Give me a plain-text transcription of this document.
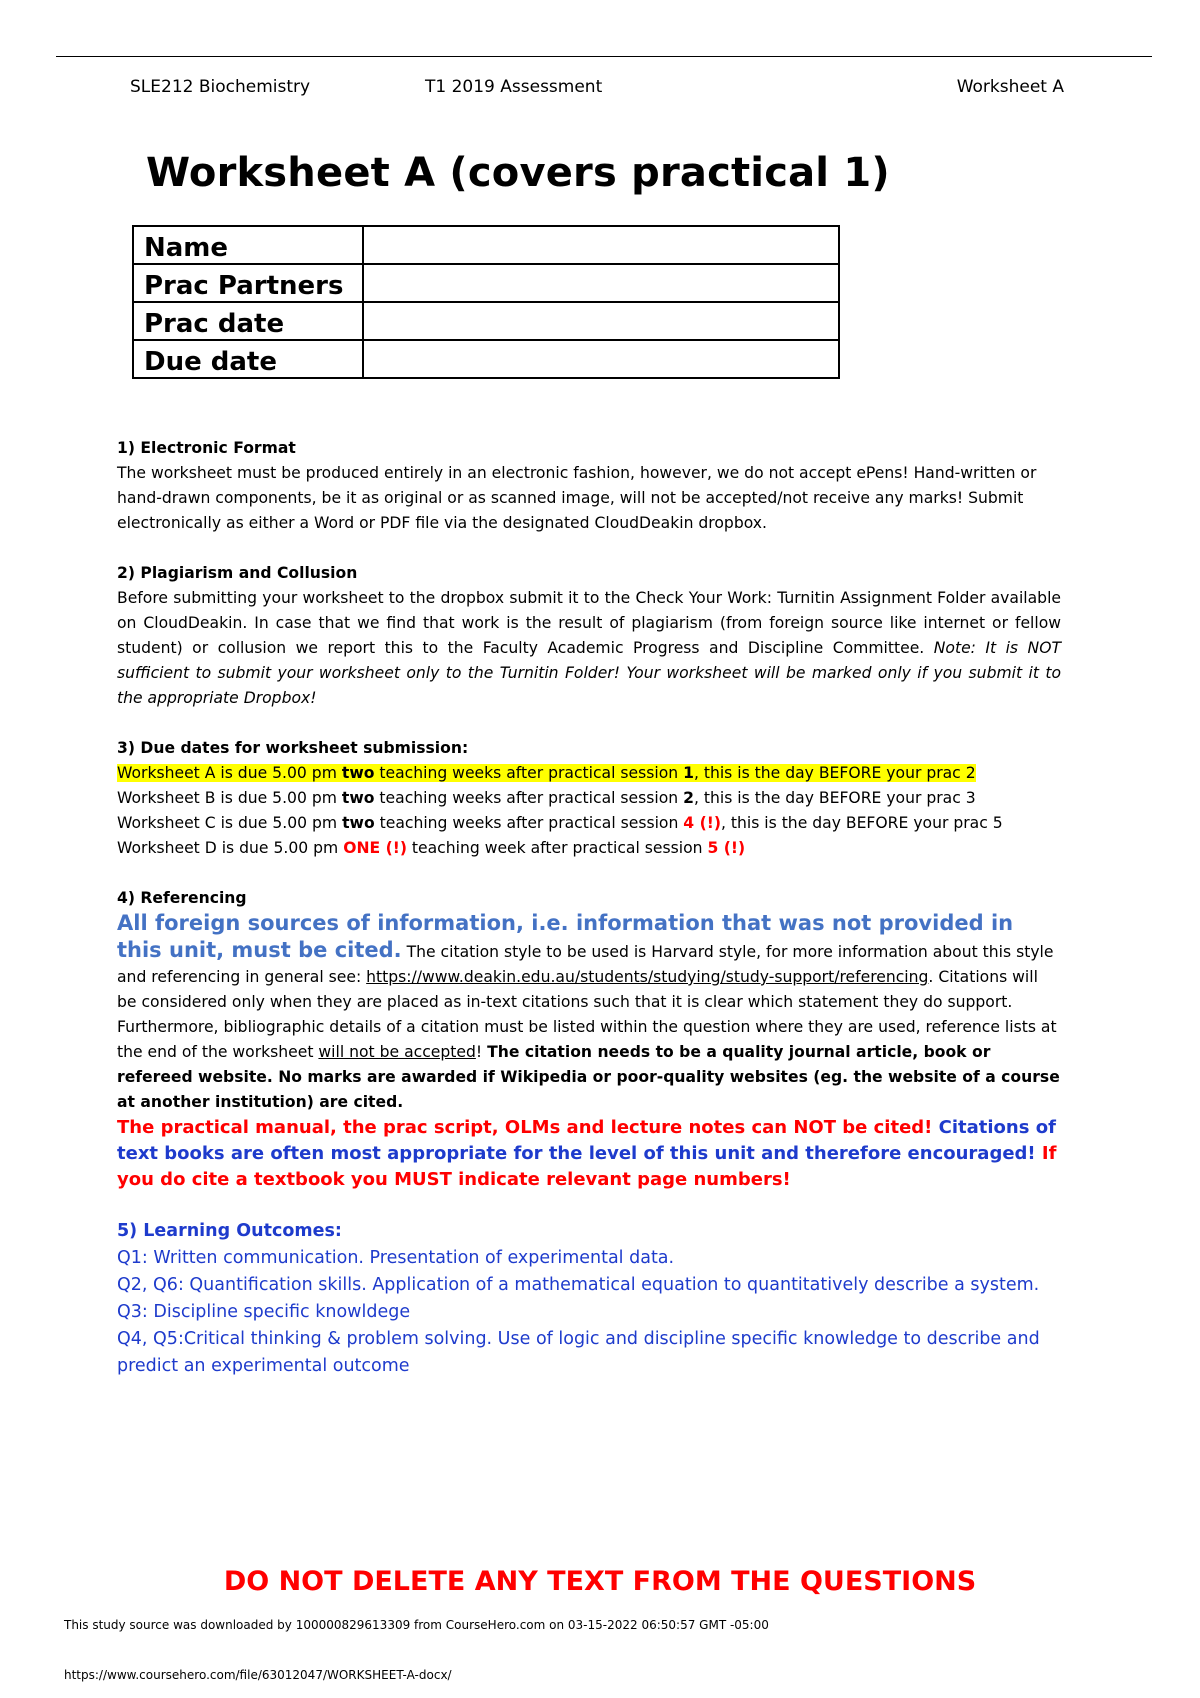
SLE212 Biochemistry	T1 2019 Assessment	Worksheet A
Worksheet A (covers practical 1)
Name	
Prac Partners	
Prac date	
Due date	

1) Electronic Format

The worksheet must be produced entirely in an electronic fashion, however, we do not accept ePens! Hand-written or hand-drawn components, be it as original or as scanned image, will not be accepted/not receive any marks! Submit electronically as either a Word or PDF file via the designated CloudDeakin dropbox.

2) Plagiarism and Collusion

Before submitting your worksheet to the dropbox submit it to the Check Your Work: Turnitin Assignment Folder available on CloudDeakin. In case that we find that work is the result of plagiarism (from foreign source like internet or fellow student) or collusion we report this to the Faculty Academic Progress and Discipline Committee. Note: It is NOT sufficient to submit your worksheet only to the Turnitin Folder! Your worksheet will be marked only if you submit it to the appropriate Dropbox!

3) Due dates for worksheet submission:

Worksheet A is due 5.00 pm two teaching weeks after practical session 1, this is the day BEFORE your prac 2

Worksheet B is due 5.00 pm two teaching weeks after practical session 2, this is the day BEFORE your prac 3

Worksheet C is due 5.00 pm two teaching weeks after practical session 4 (!), this is the day BEFORE your prac 5

Worksheet D is due 5.00 pm ONE (!) teaching week after practical session 5 (!)

4) Referencing

All foreign sources of information, i.e. information that was not provided in this unit, must be cited. The citation style to be used is Harvard style, for more information about this style and referencing in general see: https://www.deakin.edu.au/students/studying/study-support/referencing. Citations will be considered only when they are placed as in-text citations such that it is clear which statement they do support. Furthermore, bibliographic details of a citation must be listed within the question where they are used, reference lists at the end of the worksheet will not be accepted! The citation needs to be a quality journal article, book or refereed website. No marks are awarded if Wikipedia or poor-quality websites (eg. the website of a course at another institution) are cited.

The practical manual, the prac script, OLMs and lecture notes can NOT be cited! Citations of text books are often most appropriate for the level of this unit and therefore encouraged! If you do cite a textbook you MUST indicate relevant page numbers!

5) Learning Outcomes:

Q1: Written communication. Presentation of experimental data.

Q2, Q6: Quantification skills. Application of a mathematical equation to quantitatively describe a system.

Q3: Discipline specific knowldege

Q4, Q5:Critical thinking & problem solving. Use of logic and discipline specific knowledge to describe and predict an experimental outcome

DO NOT DELETE ANY TEXT FROM THE QUESTIONS
This study source was downloaded by 100000829613309 from CourseHero.com on 03-15-2022 06:50:57 GMT -05:00
https://www.coursehero.com/file/63012047/WORKSHEET-A-docx/
